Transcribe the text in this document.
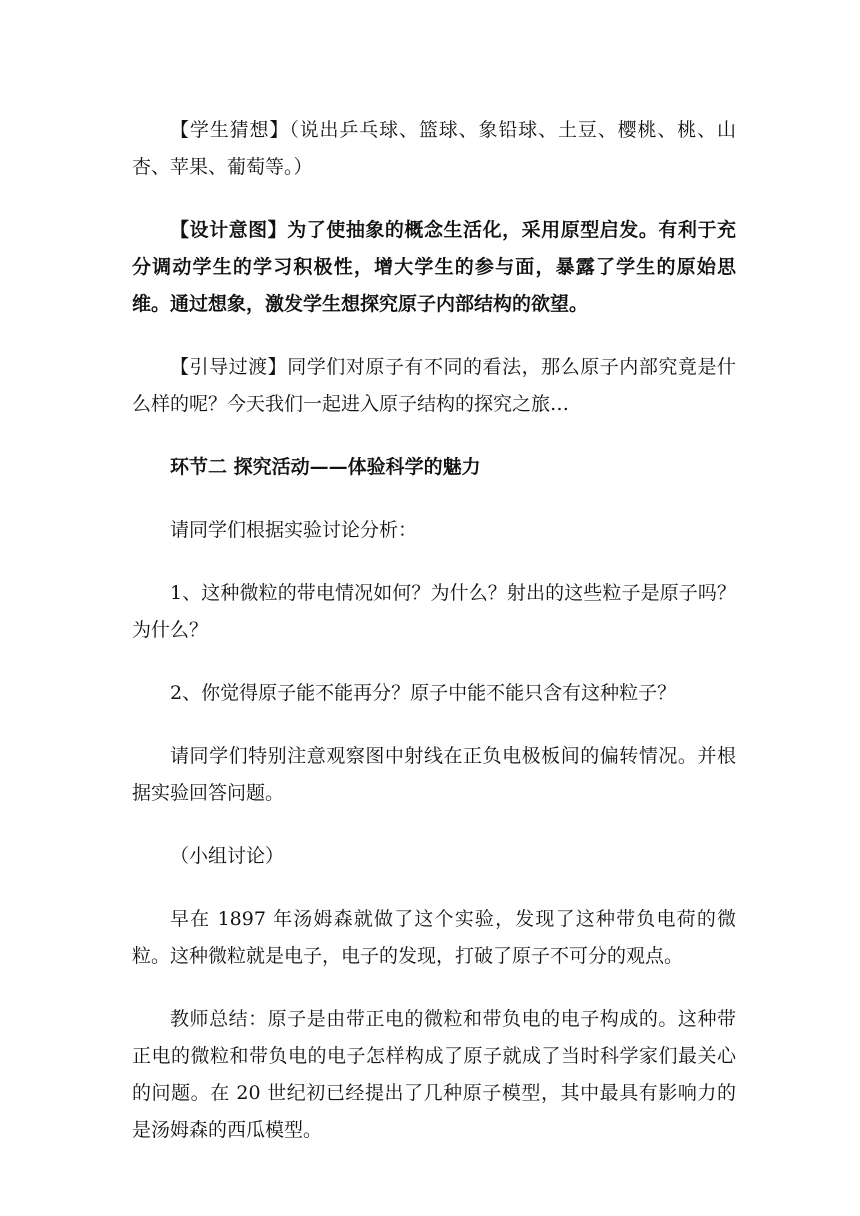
【学生猜想】（说出乒乓球、篮球、象铅球、土豆、樱桃、桃、山杏、苹果、葡萄等。）

【设计意图】为了使抽象的概念生活化，采用原型启发。有利于充分调动学生的学习积极性，增大学生的参与面，暴露了学生的原始思维。通过想象，激发学生想探究原子内部结构的欲望。

【引导过渡】同学们对原子有不同的看法，那么原子内部究竟是什么样的呢？今天我们一起进入原子结构的探究之旅…

环节二 探究活动——体验科学的魅力

请同学们根据实验讨论分析：

1、这种微粒的带电情况如何？为什么？射出的这些粒子是原子吗？为什么？

2、你觉得原子能不能再分？原子中能不能只含有这种粒子？

请同学们特别注意观察图中射线在正负电极板间的偏转情况。并根据实验回答问题。

（小组讨论）

早在 1897 年汤姆森就做了这个实验，发现了这种带负电荷的微粒。这种微粒就是电子，电子的发现，打破了原子不可分的观点。

教师总结：原子是由带正电的微粒和带负电的电子构成的。这种带正电的微粒和带负电的电子怎样构成了原子就成了当时科学家们最关心的问题。在 20 世纪初已经提出了几种原子模型，其中最具有影响力的是汤姆森的西瓜模型。
